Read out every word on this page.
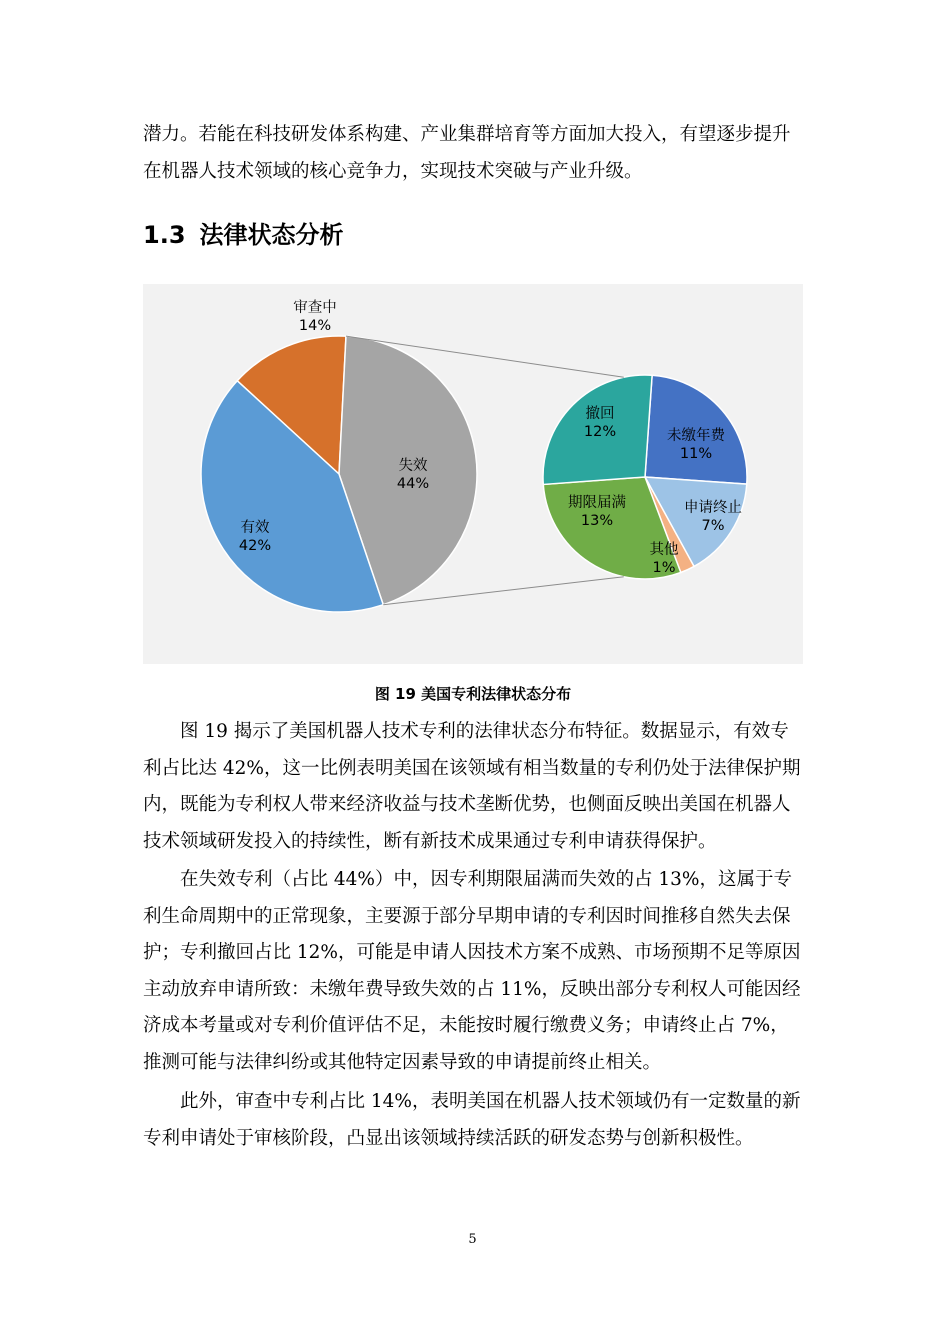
潜力。若能在科技研发体系构建、产业集群培育等方面加大投入，有望逐步提升在机器人技术领域的核心竞争力，实现技术突破与产业升级。

1.3 法律状态分析
审查中 14%
失效 44%
有效 42%
未缴年费 11%
申请终止 7%
其他 1%
期限届满 13%
撤回 12%

图 19 美国专利法律状态分布

图 19 揭示了美国机器人技术专利的法律状态分布特征。数据显示，有效专利占比达 42%，这一比例表明美国在该领域有相当数量的专利仍处于法律保护期内，既能为专利权人带来经济收益与技术垄断优势，也侧面反映出美国在机器人技术领域研发投入的持续性，断有新技术成果通过专利申请获得保护。

在失效专利（占比 44%）中，因专利期限届满而失效的占 13%，这属于专利生命周期中的正常现象，主要源于部分早期申请的专利因时间推移自然失去保护；专利撤回占比 12%，可能是申请人因技术方案不成熟、市场预期不足等原因主动放弃申请所致：未缴年费导致失效的占 11%，反映出部分专利权人可能因经济成本考量或对专利价值评估不足，未能按时履行缴费义务；申请终止占 7%，推测可能与法律纠纷或其他特定因素导致的申请提前终止相关。

此外，审查中专利占比 14%，表明美国在机器人技术领域仍有一定数量的新专利申请处于审核阶段，凸显出该领域持续活跃的研发态势与创新积极性。

5
